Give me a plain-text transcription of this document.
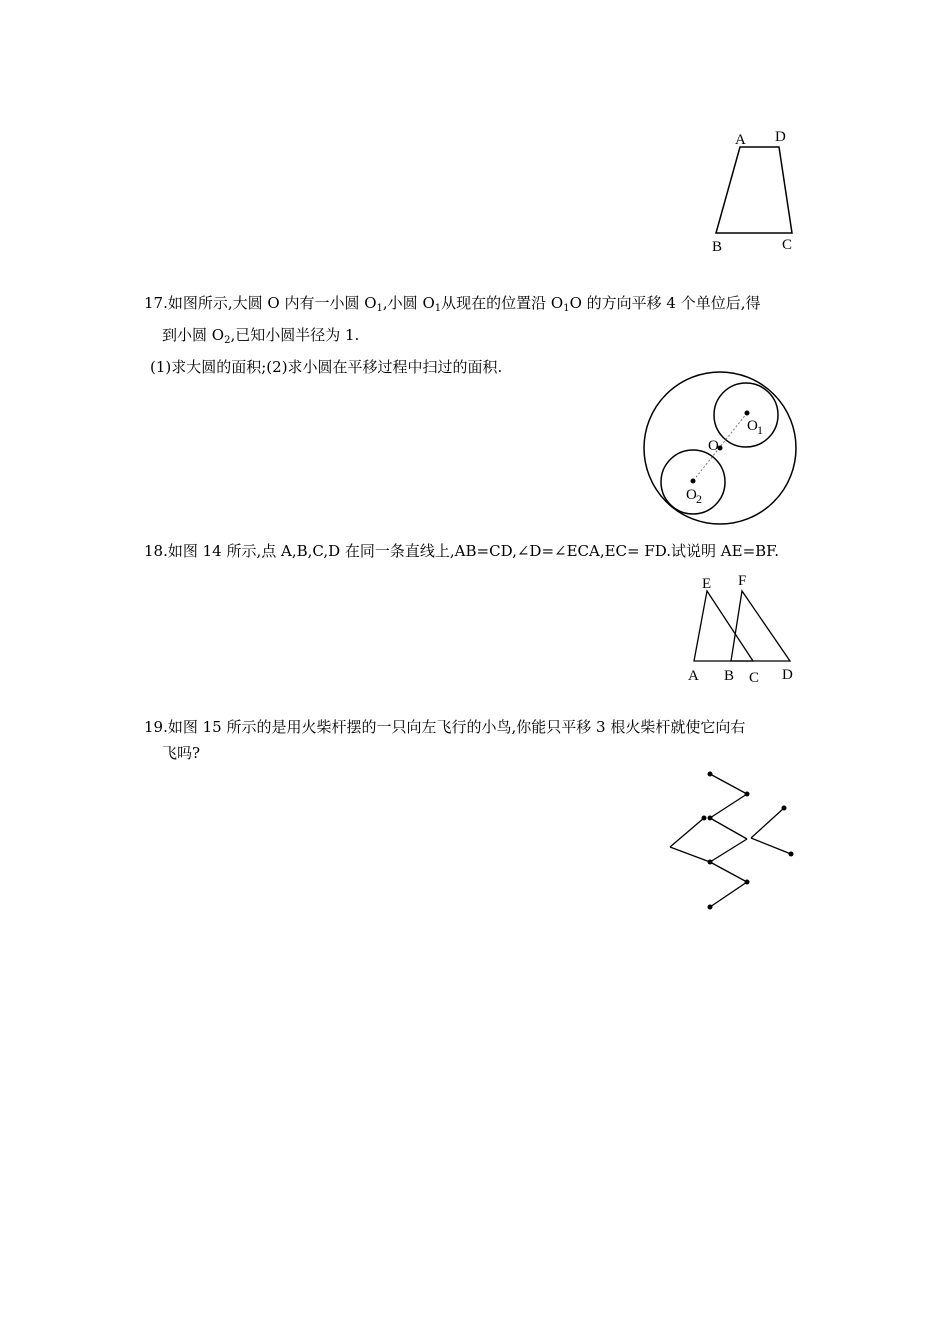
A D
B	C

17.如图所示,大圆 O 内有一小圆 $O_1$,小圆 $O_1$从现在的位置沿 $O_1O$ 的方向平移 4 个单位后,得

到小圆 $O_2$,已知小圆半径为 1.

(1)求大圆的面积;(2)求小圆在平移过程中扫过的面积.

O
O 1
O 2

18.如图 14 所示,点 A,B,C,D 在同一条直线上,AB=CD,∠D=∠ECA,EC= FD.试说明 AE=BF.

E F
A B C D

19.如图 15 所示的是用火柴杆摆的一只向左飞行的小鸟,你能只平移 3 根火柴杆就使它向右

飞吗?
